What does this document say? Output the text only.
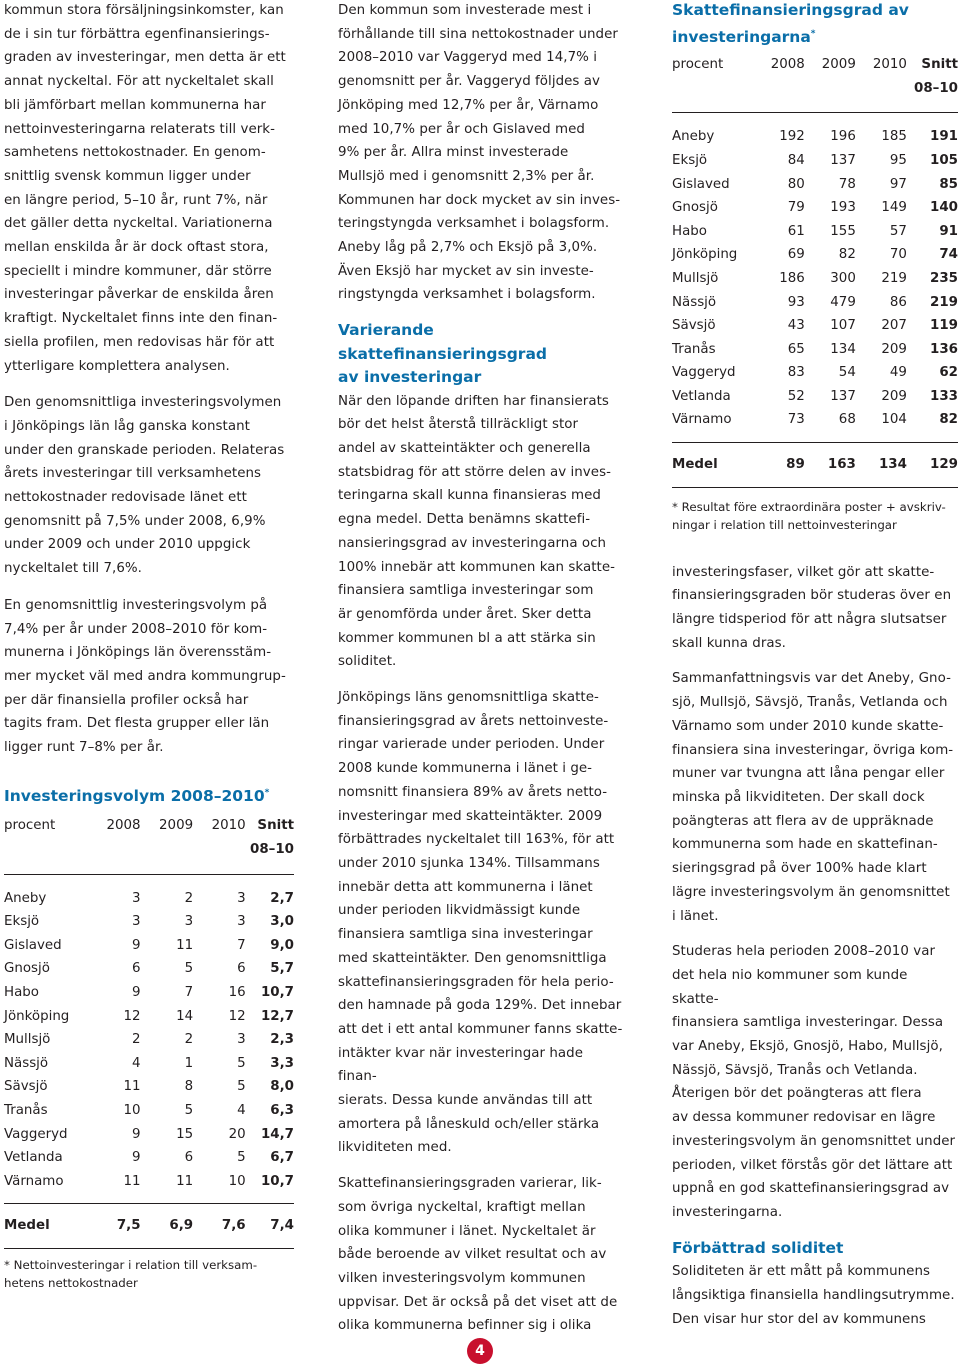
kommun stora försäljningsinkomster, kan
de i sin tur förbättra egenfinansierings-
graden av investeringar, men detta är ett
annat nyckeltal. För att nyckeltalet skall
bli jämförbart mellan kommunerna har
nettoinvesteringarna relaterats till verk-
samhetens nettokostnader. En genom-
snittlig svensk kommun ligger under
en längre period, 5–10 år, runt 7%, när
det gäller detta nyckeltal. Variationerna
mellan enskilda år är dock oftast stora,
speciellt i mindre kommuner, där större
investeringar påverkar de enskilda åren
kraftigt. Nyckeltalet finns inte den finan-
siella profilen, men redovisas här för att
ytterligare komplettera analysen.

Den genomsnittliga investeringsvolymen
i Jönköpings län låg ganska konstant
under den granskade perioden. Relateras
årets investeringar till verksamhetens
nettokostnader redovisade länet ett
genomsnitt på 7,5% under 2008, 6,9%
under 2009 och under 2010 uppgick
nyckeltalet till 7,6%.

En genomsnittlig investeringsvolym på
7,4% per år under 2008–2010 för kom-
munerna i Jönköpings län överensstäm-
mer mycket väl med andra kommungrup-
per där finansiella profiler också har
tagits fram. Det flesta grupper eller län
ligger runt 7–8% per år.

Investeringsvolym 2008–2010*

procent	2008	2009	2010	Snitt
				08–10

Aneby	3	2	3	2,7
Eksjö	3	3	3	3,0
Gislaved	9	11	7	9,0
Gnosjö	6	5	6	5,7
Habo	9	7	16	10,7
Jönköping	12	14	12	12,7
Mullsjö	2	2	3	2,3
Nässjö	4	1	5	3,3
Sävsjö	11	8	5	8,0
Tranås	10	5	4	6,3
Vaggeryd	9	15	20	14,7
Vetlanda	9	6	5	6,7
Värnamo	11	11	10	10,7

Medel	7,5	6,9	7,6	7,4

* Nettoinvesteringar i relation till verksam-
hetens nettokostnader

Den kommun som investerade mest i
förhållande till sina nettokostnader under
2008–2010 var Vaggeryd med 14,7% i
genomsnitt per år. Vaggeryd följdes av
Jönköping med 12,7% per år, Värnamo
med 10,7% per år och Gislaved med
9% per år. Allra minst investerade
Mullsjö med i genomsnitt 2,3% per år.
Kommunen har dock mycket av sin inves-
teringstyngda verksamhet i bolagsform.
Aneby låg på 2,7% och Eksjö på 3,0%.
Även Eksjö har mycket av sin investe-
ringstyngda verksamhet i bolagsform.

Varierande skattefinansieringsgrad
av investeringar

När den löpande driften har finansierats
bör det helst återstå tillräckligt stor
andel av skatteintäkter och generella
statsbidrag för att större delen av inves-
teringarna skall kunna finansieras med
egna medel. Detta benämns skattefi-
nansieringsgrad av investeringarna och
100% innebär att kommunen kan skatte-
finansiera samtliga investeringar som
är genomförda under året. Sker detta
kommer kommunen bl a att stärka sin
soliditet.

Jönköpings läns genomsnittliga skatte-
finansieringsgrad av årets nettoinveste-
ringar varierade under perioden. Under
2008 kunde kommunerna i länet i ge-
nomsnitt finansiera 89% av årets netto-
investeringar med skatteintäkter. 2009
förbättrades nyckeltalet till 163%, för att
under 2010 sjunka 134%. Tillsammans
innebär detta att kommunerna i länet
under perioden likvidmässigt kunde
finansiera samtliga sina investeringar
med skatteintäkter. Den genomsnittliga
skattefinansieringsgraden för hela perio-
den hamnade på goda 129%. Det innebar
att det i ett antal kommuner fanns skatte-
intäkter kvar när investeringar hade finan-
sierats. Dessa kunde användas till att
amortera på låneskuld och/eller stärka
likviditeten med.

Skattefinansieringsgraden varierar, lik-
som övriga nyckeltal, kraftigt mellan
olika kommuner i länet. Nyckeltalet är
både beroende av vilket resultat och av
vilken investeringsvolym kommunen
uppvisar. Det är också på det viset att de
olika kommunerna befinner sig i olika

Skattefinansieringsgrad av
investeringarna*

procent	2008	2009	2010	Snitt
				08–10

Aneby	192	196	185	191
Eksjö	84	137	95	105
Gislaved	80	78	97	85
Gnosjö	79	193	149	140
Habo	61	155	57	91
Jönköping	69	82	70	74
Mullsjö	186	300	219	235
Nässjö	93	479	86	219
Sävsjö	43	107	207	119
Tranås	65	134	209	136
Vaggeryd	83	54	49	62
Vetlanda	52	137	209	133
Värnamo	73	68	104	82

Medel	89	163	134	129

* Resultat före extraordinära poster + avskriv-
ningar i relation till nettoinvesteringar

investeringsfaser, vilket gör att skatte-
finansieringsgraden bör studeras över en
längre tidsperiod för att några slutsatser
skall kunna dras.

Sammanfattningsvis var det Aneby, Gno-
sjö, Mullsjö, Sävsjö, Tranås, Vetlanda och
Värnamo som under 2010 kunde skatte-
finansiera sina investeringar, övriga kom-
muner var tvungna att låna pengar eller
minska på likviditeten. Der skall dock
poängteras att flera av de uppräknade
kommunerna som hade en skattefinan-
sieringsgrad på över 100% hade klart
lägre investeringsvolym än genomsnittet
i länet.

Studeras hela perioden 2008–2010 var
det hela nio kommuner som kunde skatte-
finansiera samtliga investeringar. Dessa
var Aneby, Eksjö, Gnosjö, Habo, Mullsjö,
Nässjö, Sävsjö, Tranås och Vetlanda.
Återigen bör det poängteras att flera
av dessa kommuner redovisar en lägre
investeringsvolym än genomsnittet under
perioden, vilket förstås gör det lättare att
uppnå en god skattefinansieringsgrad av
investeringarna.

Förbättrad soliditet

Soliditeten är ett mått på kommunens
långsiktiga finansiella handlingsutrymme.
Den visar hur stor del av kommunens

4
